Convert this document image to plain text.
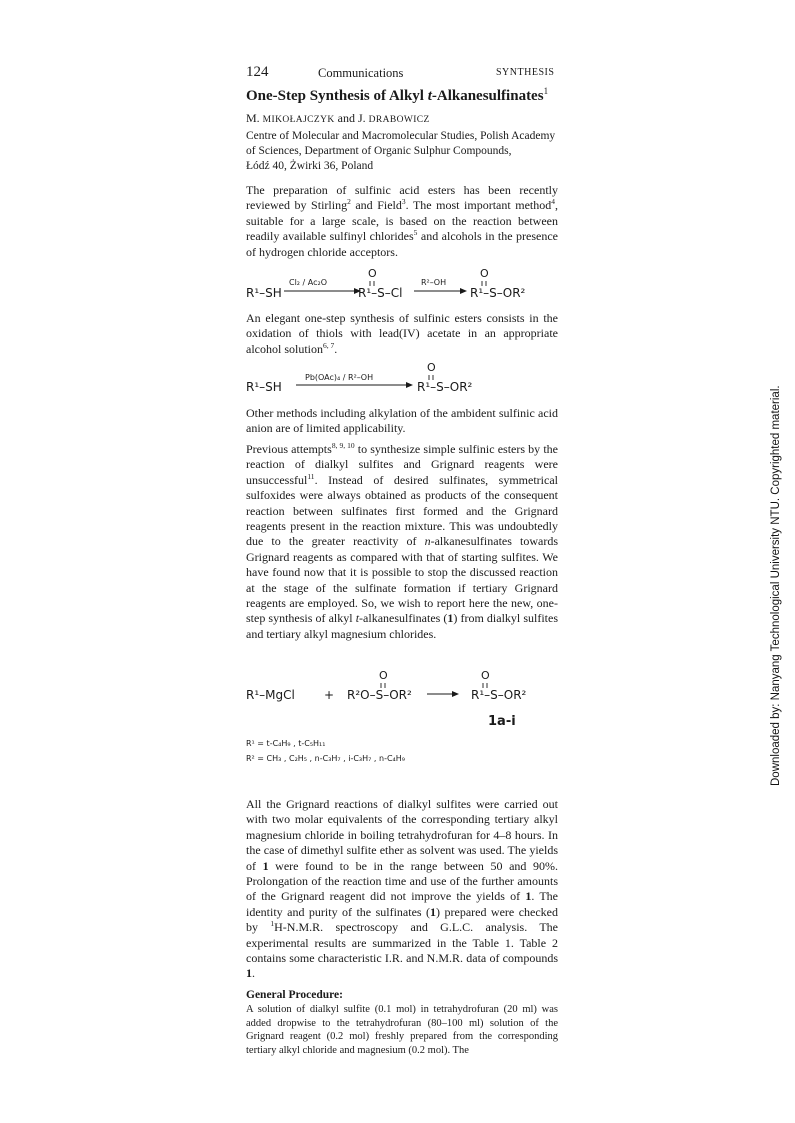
124	Communications	SYNTHESIS
One-Step Synthesis of Alkyl t-Alkanesulfinates$^1$
M. MIKOŁAJCZYK and J. DRABOWICZ
Centre of Molecular and Macromolecular Studies, Polish Academy
of Sciences, Department of Organic Sulphur Compounds,
Łódź 40, Żwirki 36, Poland
The preparation of sulfinic acid esters has been recently reviewed by Stirling$^2$ and Field$^3$. The most important method$^4$, suitable for a large scale, is based on the reaction between readily available sulfinyl chlorides$^5$ and alcohols in the presence of hydrogen chloride acceptors.
R¹–SH
Cl₂ / Ac₂O
O
R¹–S–Cl
R²–OH
O
R¹–S–OR²
An elegant one-step synthesis of sulfinic esters consists in the oxidation of thiols with lead(IV) acetate in an appropriate alcohol solution$^{6, 7}$.
R¹–SH
Pb(OAc)₄ / R²–OH
O
R¹–S–OR²
Other methods including alkylation of the ambident sulfinic acid anion are of limited applicability.
Previous attempts$^{8, 9, 10}$ to synthesize simple sulfinic esters by the reaction of dialkyl sulfites and Grignard reagents were unsuccessful$^{11}$. Instead of desired sulfinates, symmetrical sulfoxides were always obtained as products of the consequent reaction between sulfinates first formed and the Grignard reagents present in the reaction mixture. This was undoubtedly due to the greater reactivity of n-alkanesulfinates towards Grignard reagents as compared with that of starting sulfites. We have found now that it is possible to stop the discussed reaction at the stage of the sulfinate formation if tertiary Grignard reagents are employed. So, we wish to report here the new, one-step synthesis of alkyl t-alkanesulfinates (1) from dialkyl sulfites and tertiary alkyl magnesium chlorides.
R¹–MgCl +
O
R²O–S–OR²
O
R¹–S–OR²
1a-i
R¹ = t-C₄H₉ , t-C₅H₁₁
R² = CH₃ , C₂H₅ , n-C₃H₇ , i-C₃H₇ , n-C₄H₉
All the Grignard reactions of dialkyl sulfites were carried out with two molar equivalents of the corresponding tertiary alkyl magnesium chloride in boiling tetrahydrofuran for 4–8 hours. In the case of dimethyl sulfite ether as solvent was used. The yields of 1 were found to be in the range between 50 and 90%. Prolongation of the reaction time and use of the further amounts of the Grignard reagent did not improve the yields of 1. The identity and purity of the sulfinates (1) prepared were checked by $^1$H-N.M.R. spectroscopy and G.L.C. analysis. The experimental results are summarized in the Table 1. Table 2 contains some characteristic I.R. and N.M.R. data of compounds 1.
General Procedure:
A solution of dialkyl sulfite (0.1 mol) in tetrahydrofuran (20 ml) was added dropwise to the tetrahydrofuran (80–100 ml) solution of the Grignard reagent (0.2 mol) freshly prepared from the corresponding tertiary alkyl chloride and magnesium (0.2 mol). The
Downloaded by: Nanyang Technological University NTU. Copyrighted material.
